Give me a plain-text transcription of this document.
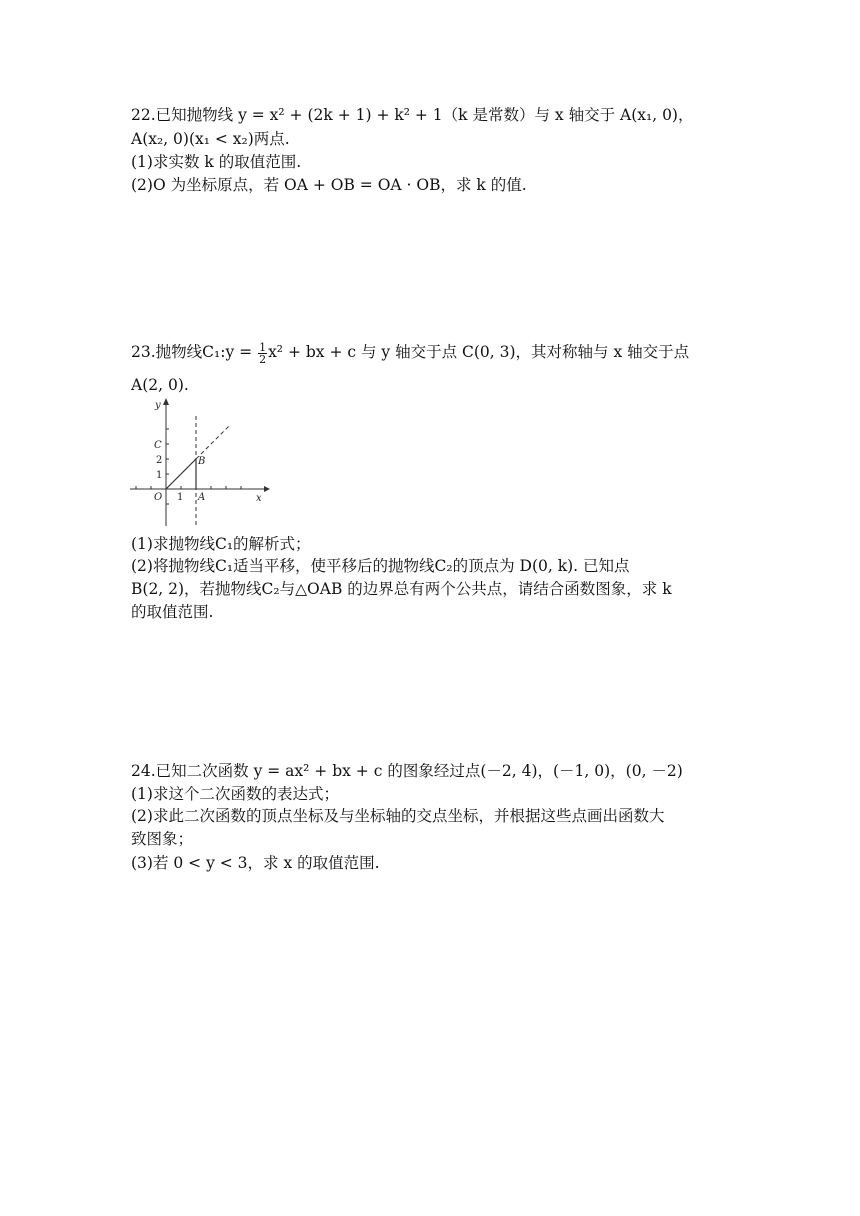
22.已知抛物线 y = x² + (2k + 1) + k² + 1（k 是常数）与 x 轴交于 A(x₁, 0)，
A(x₂, 0)(x₁ < x₂)两点.
(1)求实数 k 的取值范围.
(2)O 为坐标原点，若 OA + OB = OA · OB，求 k 的值.
23.抛物线C₁:y = $\frac{1}{2} x^2$ + bx + c 与 y 轴交于点 C(0, 3)，其对称轴与 x 轴交于点
A(2, 0).
y
x
O 1 A
B
C
2
1
(1)求抛物线C₁的解析式；
(2)将抛物线C₁适当平移，使平移后的抛物线C₂的顶点为 D(0, k). 已知点
B(2, 2)，若抛物线C₂与△OAB 的边界总有两个公共点，请结合函数图象，求 k
的取值范围.
24.已知二次函数 y = ax² + bx + c 的图象经过点(－2, 4)，(－1, 0)，(0, －2)
(1)求这个二次函数的表达式；
(2)求此二次函数的顶点坐标及与坐标轴的交点坐标，并根据这些点画出函数大
致图象；
(3)若 0 < y < 3，求 x 的取值范围.
